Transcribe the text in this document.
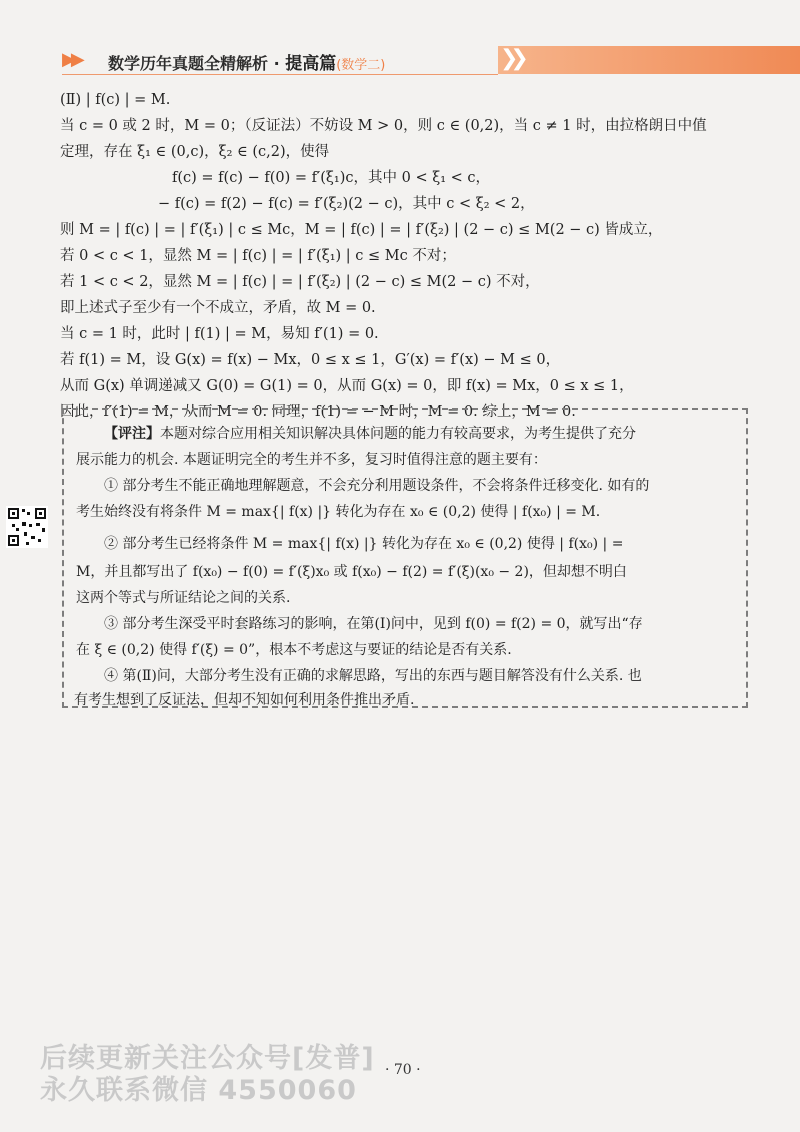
▶▶ 数学历年真题全精解析 · 提高篇(数学二)	❯❯
(Ⅱ) | f(c) | = M.
当 c = 0 或 2 时，M = 0；（反证法）不妨设 M > 0，则 c ∈ (0,2)，当 c ≠ 1 时，由拉格朗日中值
定理，存在 ξ₁ ∈ (0,c)，ξ₂ ∈ (c,2)，使得
f(c) = f(c) − f(0) = f′(ξ₁)c，其中 0 < ξ₁ < c，
− f(c) = f(2) − f(c) = f′(ξ₂)(2 − c)，其中 c < ξ₂ < 2，
则 M = | f(c) | = | f′(ξ₁) | c ≤ Mc，M = | f(c) | = | f′(ξ₂) | (2 − c) ≤ M(2 − c) 皆成立，
若 0 < c < 1，显然 M = | f(c) | = | f′(ξ₁) | c ≤ Mc 不对；
若 1 < c < 2，显然 M = | f(c) | = | f′(ξ₂) | (2 − c) ≤ M(2 − c) 不对，
即上述式子至少有一个不成立，矛盾，故 M = 0.
当 c = 1 时，此时 | f(1) | = M，易知 f′(1) = 0.
若 f(1) = M，设 G(x) = f(x) − Mx，0 ≤ x ≤ 1，G′(x) = f′(x) − M ≤ 0，
从而 G(x) 单调递减又 G(0) = G(1) = 0，从而 G(x) = 0，即 f(x) = Mx，0 ≤ x ≤ 1，
因此，f′(1) = M，从而 M = 0. 同理，f(1) = − M 时，M = 0. 综上，M = 0.
【评注】本题对综合应用相关知识解决具体问题的能力有较高要求，为考生提供了充分
展示能力的机会. 本题证明完全的考生并不多，复习时值得注意的题主要有：
① 部分考生不能正确地理解题意，不会充分利用题设条件，不会将条件迁移变化. 如有的
考生始终没有将条件 M = max{| f(x) |} 转化为存在 x₀ ∈ (0,2) 使得 | f(x₀) | = M.
② 部分考生已经将条件 M = max{| f(x) |} 转化为存在 x₀ ∈ (0,2) 使得 | f(x₀) | =
M，并且都写出了 f(x₀) − f(0) = f′(ξ)x₀ 或 f(x₀) − f(2) = f′(ξ)(x₀ − 2)，但却想不明白
这两个等式与所证结论之间的关系.
③ 部分考生深受平时套路练习的影响，在第(Ⅰ)问中，见到 f(0) = f(2) = 0，就写出“存
在 ξ ∈ (0,2) 使得 f′(ξ) = 0”，根本不考虑这与要证的结论是否有关系.
④ 第(Ⅱ)问，大部分考生没有正确的求解思路，写出的东西与题目解答没有什么关系. 也
有考生想到了反证法，但却不知如何利用条件推出矛盾.
后续更新关注公众号[发普]
永久联系微信 4550060
· 70 ·
